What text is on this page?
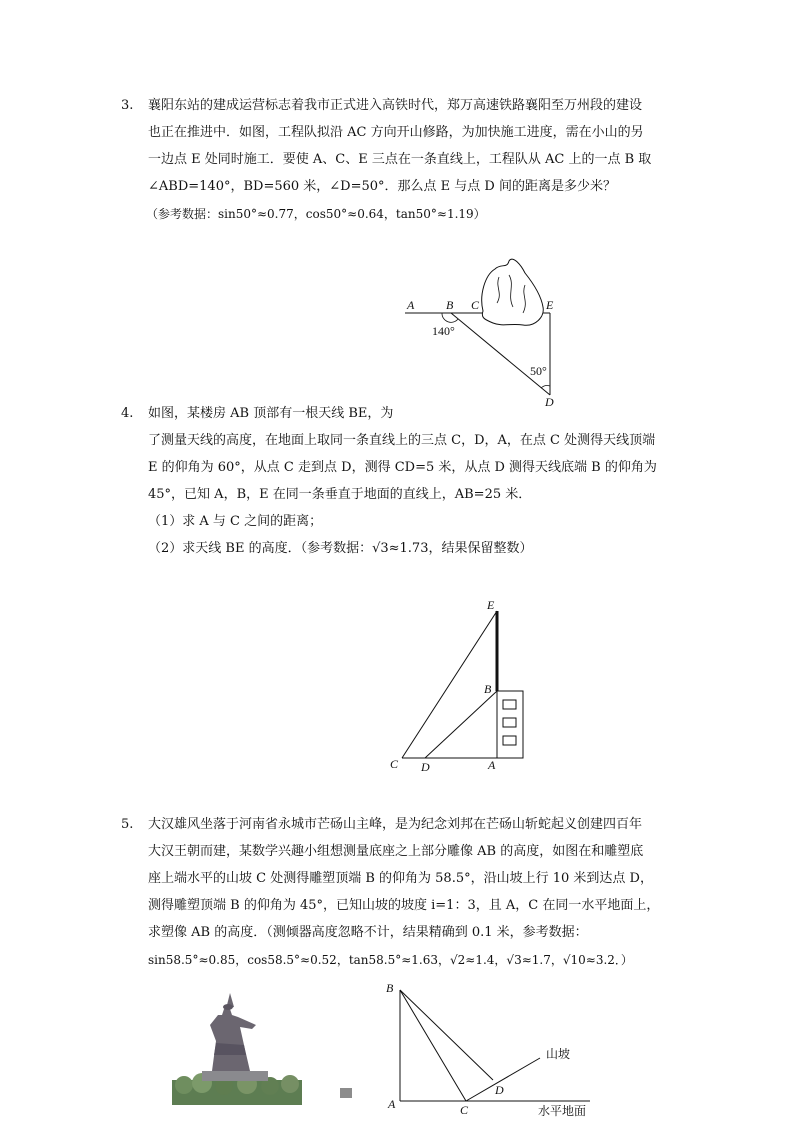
3. 襄阳东站的建成运营标志着我市正式进入高铁时代，郑万高速铁路襄阳至万州段的建设
也正在推进中．如图，工程队拟沿 AC 方向开山修路，为加快施工进度，需在小山的另
一边点 E 处同时施工．要使 A、C、E 三点在一条直线上，工程队从 AC 上的一点 B 取
∠ABD=140°，BD=560 米，∠D=50°．那么点 E 与点 D 间的距离是多少米？
（参考数据：sin50°≈0.77，cos50°≈0.64，tan50°≈1.19）
A	B C	E
D
140°
50°
4. 如图，某楼房 AB 顶部有一根天线 BE，为
了测量天线的高度，在地面上取同一条直线上的三点 C，D，A，在点 C 处测得天线顶端
E 的仰角为 60°，从点 C 走到点 D，测得 CD=5 米，从点 D 测得天线底端 B 的仰角为
45°，已知 A，B，E 在同一条垂直于地面的直线上，AB=25 米．
（1）求 A 与 C 之间的距离；
（2）求天线 BE 的高度．（参考数据：√3≈1.73，结果保留整数）
E
B
C D	A
5. 大汉雄风坐落于河南省永城市芒砀山主峰，是为纪念刘邦在芒砀山斩蛇起义创建四百年
大汉王朝而建，某数学兴趣小组想测量底座之上部分雕像 AB 的高度，如图在和雕塑底
座上端水平的山坡 C 处测得雕塑顶端 B 的仰角为 58.5°，沿山坡上行 10 米到达点 D，
测得雕塑顶端 B 的仰角为 45°，已知山坡的坡度 i=1：3，且 A，C 在同一水平地面上，
求塑像 AB 的高度．（测倾器高度忽略不计，结果精确到 0.1 米，参考数据：
sin58.5°≈0.85，cos58.5°≈0.52，tan58.5°≈1.63，√2≈1.4，√3≈1.7，√10≈3.2．）
B
A	C
D
山坡
水平地面
